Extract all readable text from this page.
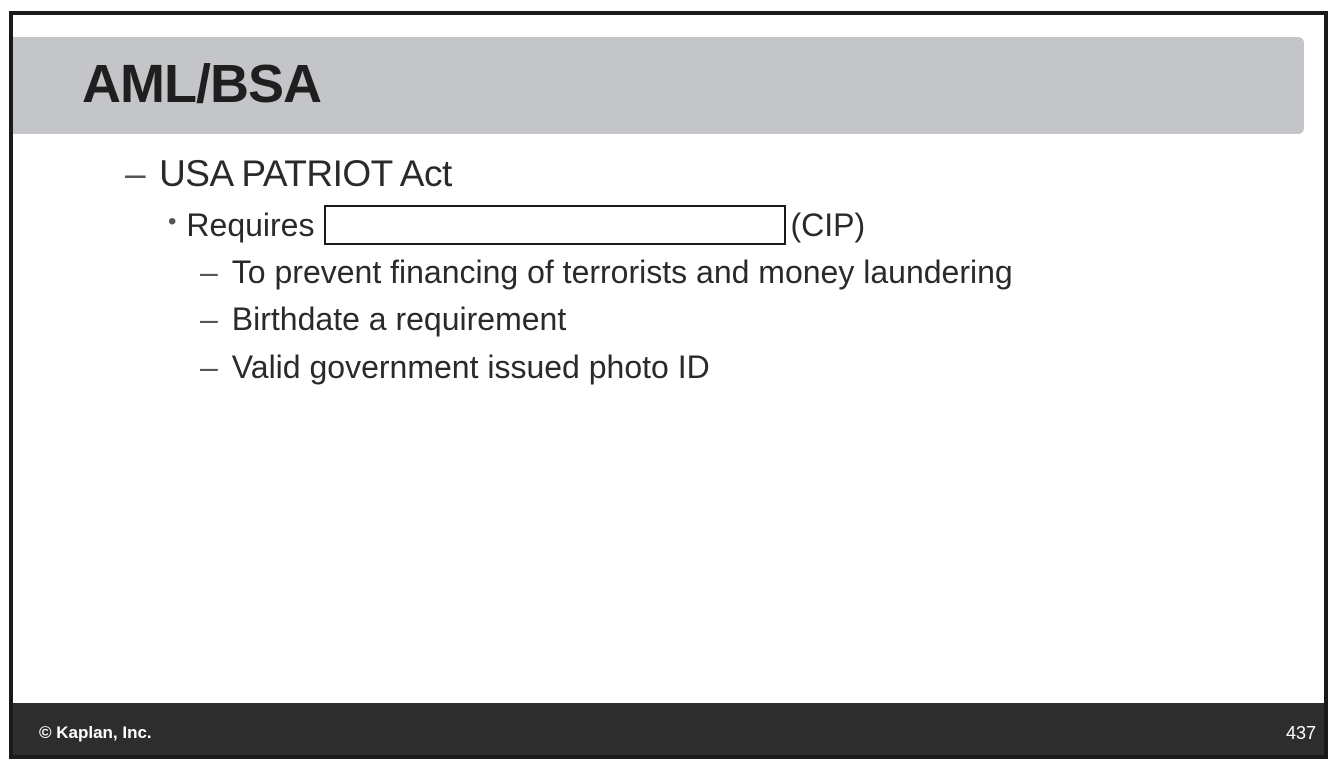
AML/BSA
– USA PATRIOT Act
• Requires	(CIP)
– To prevent financing of terrorists and money laundering
– Birthdate a requirement
– Valid government issued photo ID
© Kaplan, Inc.	437
